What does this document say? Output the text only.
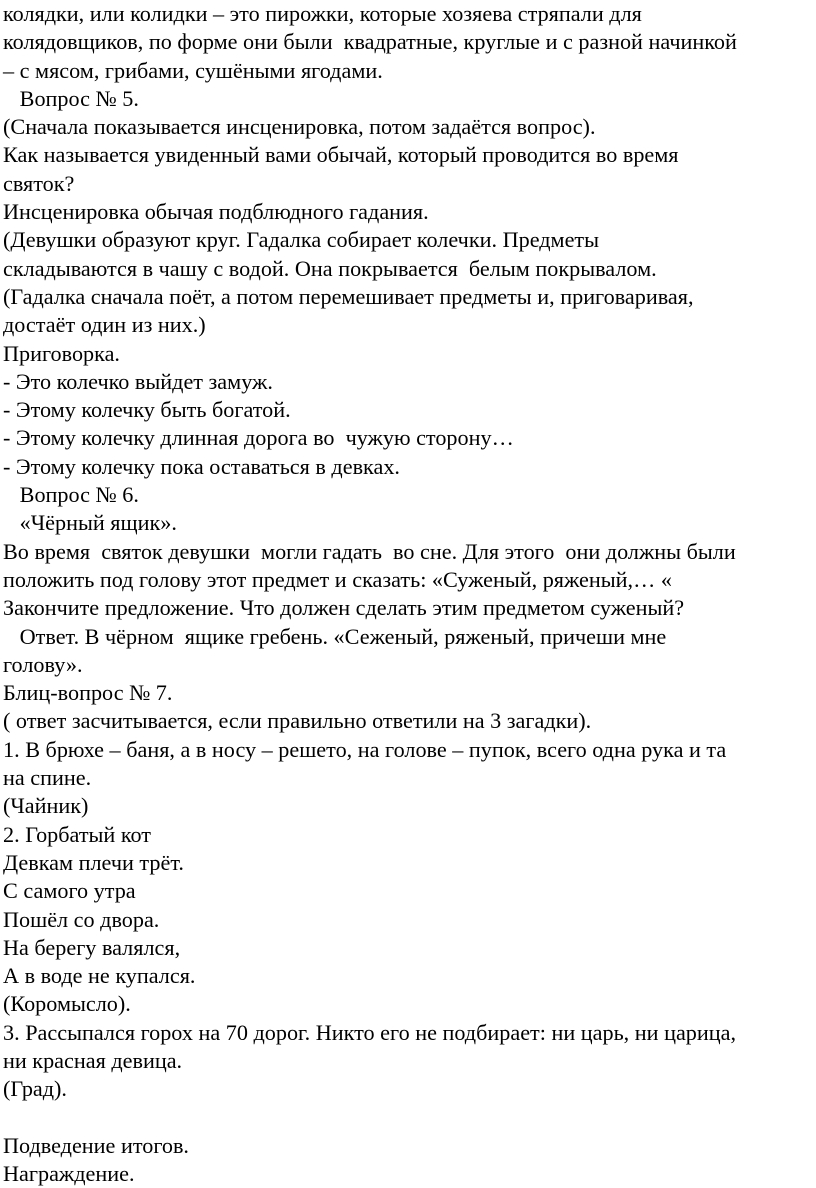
колядки, или колидки – это пирожки, которые хозяева стряпали для
колядовщиков, по форме они были  квадратные, круглые и с разной начинкой
– с мясом, грибами, сушёными ягодами.
Вопрос № 5.
(Сначала показывается инсценировка, потом задаётся вопрос).
Как называется увиденный вами обычай, который проводится во время
святок?
Инсценировка обычая подблюдного гадания.
(Девушки образуют круг. Гадалка собирает колечки. Предметы
складываются в чашу с водой. Она покрывается  белым покрывалом.
(Гадалка сначала поёт, а потом перемешивает предметы и, приговаривая,
достаёт один из них.)
Приговорка.
- Это колечко выйдет замуж.
- Этому колечку быть богатой.
- Этому колечку длинная дорога во  чужую сторону…
- Этому колечку пока оставаться в девках.
Вопрос № 6.
«Чёрный ящик».
Во время  святок девушки  могли гадать  во сне. Для этого  они должны были
положить под голову этот предмет и сказать: «Суженый, ряженый,… «
Закончите предложение. Что должен сделать этим предметом суженый?
Ответ. В чёрном  ящике гребень. «Сеженый, ряженый, причеши мне
голову».
Блиц-вопрос № 7.
( ответ засчитывается, если правильно ответили на 3 загадки).
1. В брюхе – баня, а в носу – решето, на голове – пупок, всего одна рука и та
на спине.
(Чайник)
2. Горбатый кот
Девкам плечи трёт.
С самого утра
Пошёл со двора.
На берегу валялся,
А в воде не купался.
(Коромысло).
3. Рассыпался горох на 70 дорог. Никто его не подбирает: ни царь, ни царица,
ни красная девица.
(Град).
Подведение итогов.
Награждение.
